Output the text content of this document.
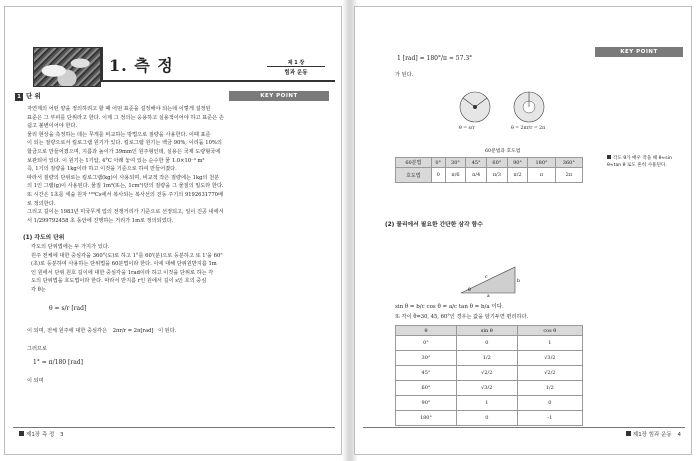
1. 측 정	제 1 장
힘과 운동
KEY POINT
1 단 위

자연계의 어떤 양을 정의하려고 할 때 어떤 표준을 설정해야 되는데 이렇게 설정된

표준은 그 부피를 단위라고 한다. 이제 그 정의는 응용하고 실용적이어야 하고 표준은 손

쉽고 불변이어야 한다.

물리 현상을 측정하는 데는 무게를 비교하는 방법으로 질량을 사용한다. 이때 표준

이 되는 질량으로서 킬로그램 원기가 있다. 킬로그램 원기는 백금 90%, 이리듐 10%의

합금으로 만들어졌으며, 지름과 높이가 39mm인 원주형인데, 실용은 국제 도량형국에

보관되어 있다. 이 원기는 1기압, 4°C 아래 놓여 있는 순수한 물 1.0×10⁻³ m³

즉, 1기의 질량을 1kg이라 하고 이것을 기준으로 하여 만들어졌다.

따라서 질량의 단위로는 킬로그램(kg)이 사용되며, 비교적 작은 질량에는 1kg의 천분

의 1인 그램(g)이 사용된다. 물질 1m³(또는, 1cm³)당의 질량을 그 물질의 밀도라 한다.

또 시간은 1초를 세슘 원자 ¹³³Cs에서 복사되는 복사선의 진동 주기의 9192631770배

로 정의한다.

그리고 길이는 1983년 미국무게 업의 전쟁거리가 기준으로 선정되고, 일이 진공 내에서

서 1/299792458 초 동안에 진행하는 거리가 1m로 정의되었다.

(1) 각도의 단위

각도의 단위법에는 두 가지가 있다.

원주 전체에 대한 중심각을 360°(도)로 하고 1°를 60'(분)으로 등분하고 또 1'을 60"

(초)로 등분하여 사용하는 단위법을 60분법이라 한다. 이에 대해 단위원반지름 1m

인 원에서 단위 원호 길이에 대한 중심각을 1rad이라 하고 이것을 단위로 하는 각

도의 단위법을 호도법이라 한다. 따라서 반지름 r인 원에서 길이 s인 호의 중심

각 θ는

θ = s/r [rad]
이 되며, 전체 원주에 대한 중심각은 2πr/r = 2π[rad] 이 된다.
그러므로
1° = π/180 [rad]
이 되며
제1장 측 정 3
KEY POINT
1 [rad] = 180°/π ≈ 57.3°
가 된다.
θ = s/r	θ = 2πr/r = 2π
60분법과 호도법
60분법	0°	30°	45°	60°	90°	180°	360°
호도법	0	π/6	π/4	π/3	π/2	π	2π
각도 θ가 매우 작을 때 θ≈sin θ≈tan θ 로도 흔히 사용된다.
(2) 물리에서 필요한 간단한 삼각 함수
c
b
a
θ
sin θ = b/c cos θ = a/c tan θ = b/a 이다.
또 각이 θ=30, 45, 60°인 경우는 값을 암기두면 편리하다.
θ	sin θ	cos θ
0°	0	1
30°	1/2	√3/2
45°	√2/2	√2/2
60°	√3/2	1/2
90°	1	0
180°	0	-1
제1장 힘과 운동 4
